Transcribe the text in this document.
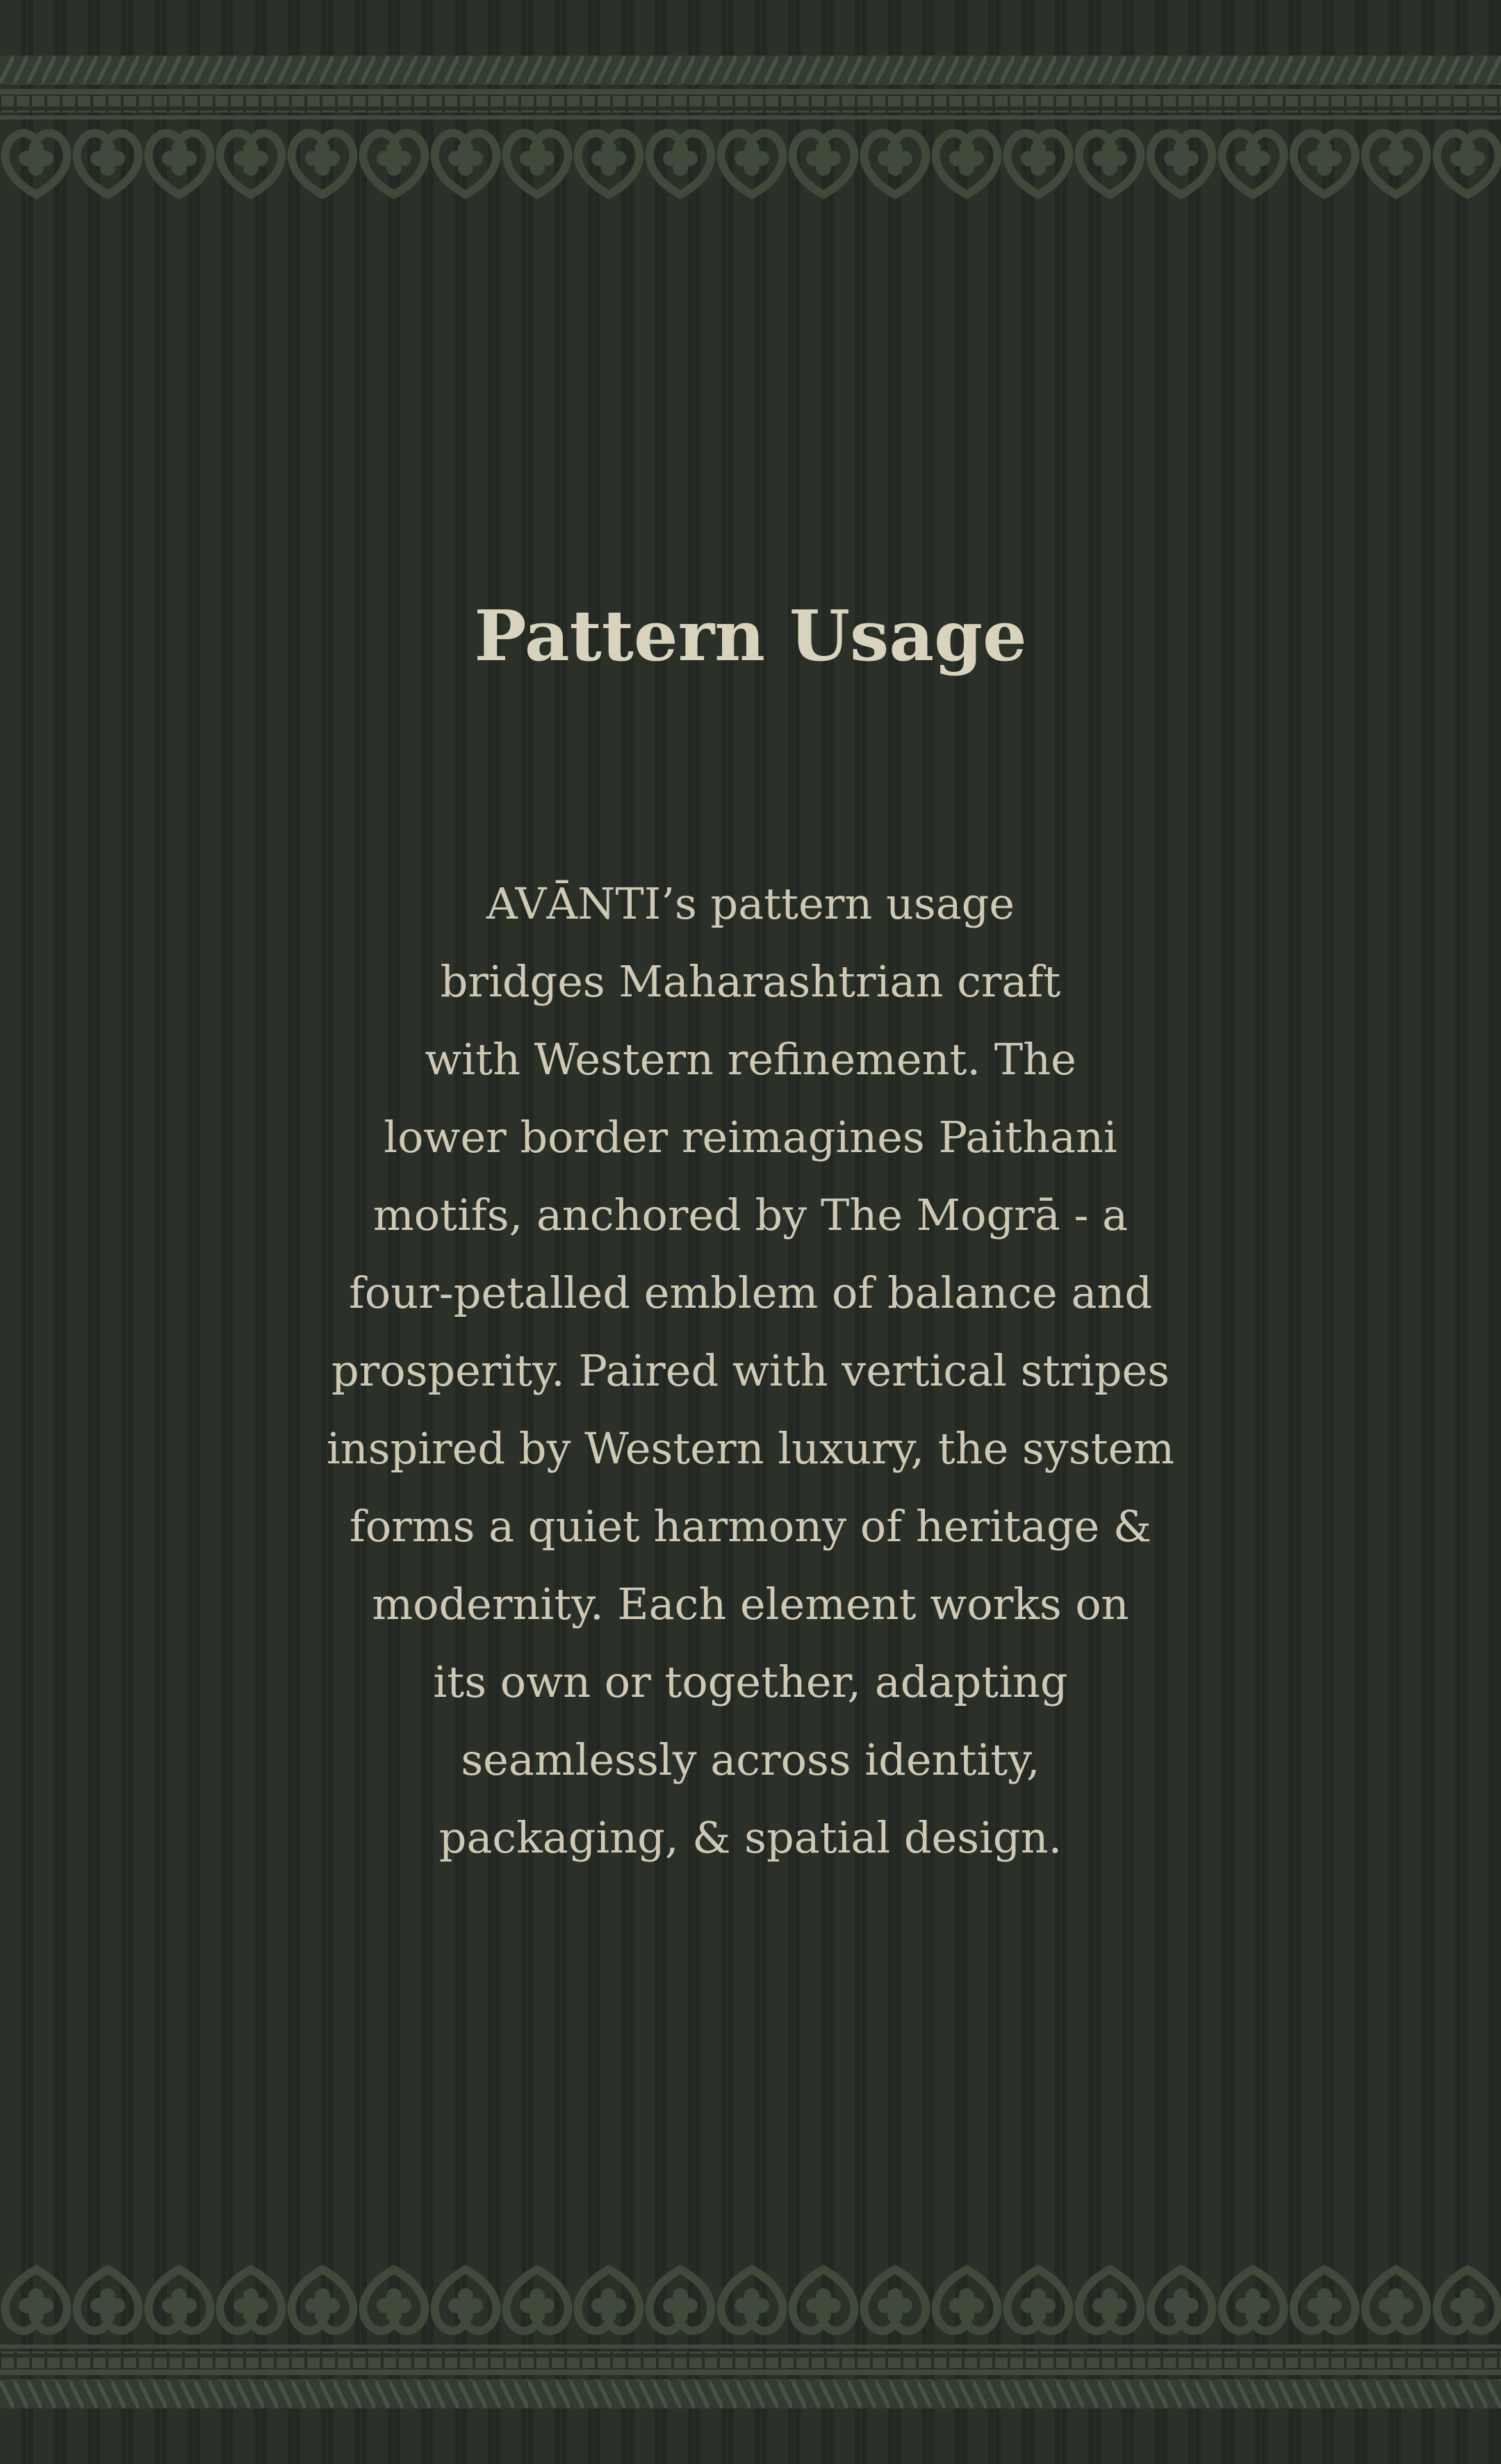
Pattern Usage

AVĀNTI’s pattern usage
bridges Maharashtrian craft
with Western refinement. The
lower border reimagines Paithani
motifs, anchored by The Mogrā - a
four-petalled emblem of balance and
prosperity. Paired with vertical stripes
inspired by Western luxury, the system
forms a quiet harmony of heritage &
modernity. Each element works on
its own or together, adapting
seamlessly across identity,
packaging, & spatial design.
